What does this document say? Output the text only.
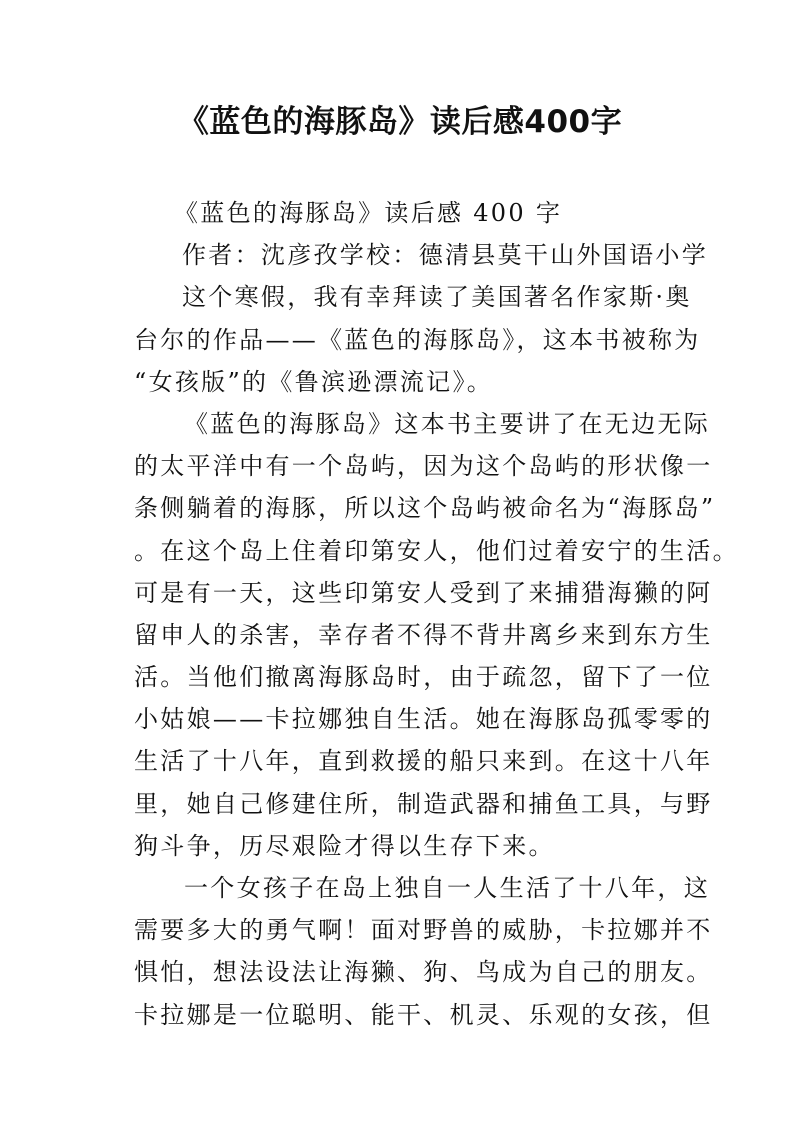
《蓝色的海豚岛》读后感400字
《蓝色的海豚岛》读后感 400 字
作者：沈彦孜学校：德清县莫干山外国语小学
这个寒假，我有幸拜读了美国著名作家斯·奥
台尔的作品——《蓝色的海豚岛》，这本书被称为
“女孩版”的《鲁滨逊漂流记》。
《蓝色的海豚岛》这本书主要讲了在无边无际
的太平洋中有一个岛屿，因为这个岛屿的形状像一
条侧躺着的海豚，所以这个岛屿被命名为“海豚岛”
。在这个岛上住着印第安人，他们过着安宁的生活。
可是有一天，这些印第安人受到了来捕猎海獭的阿
留申人的杀害，幸存者不得不背井离乡来到东方生
活。当他们撤离海豚岛时，由于疏忽，留下了一位
小姑娘——卡拉娜独自生活。她在海豚岛孤零零的
生活了十八年，直到救援的船只来到。在这十八年
里，她自己修建住所，制造武器和捕鱼工具，与野
狗斗争，历尽艰险才得以生存下来。
一个女孩子在岛上独自一人生活了十八年，这
需要多大的勇气啊！面对野兽的威胁，卡拉娜并不
惧怕，想法设法让海獭、狗、鸟成为自己的朋友。
卡拉娜是一位聪明、能干、机灵、乐观的女孩，但
